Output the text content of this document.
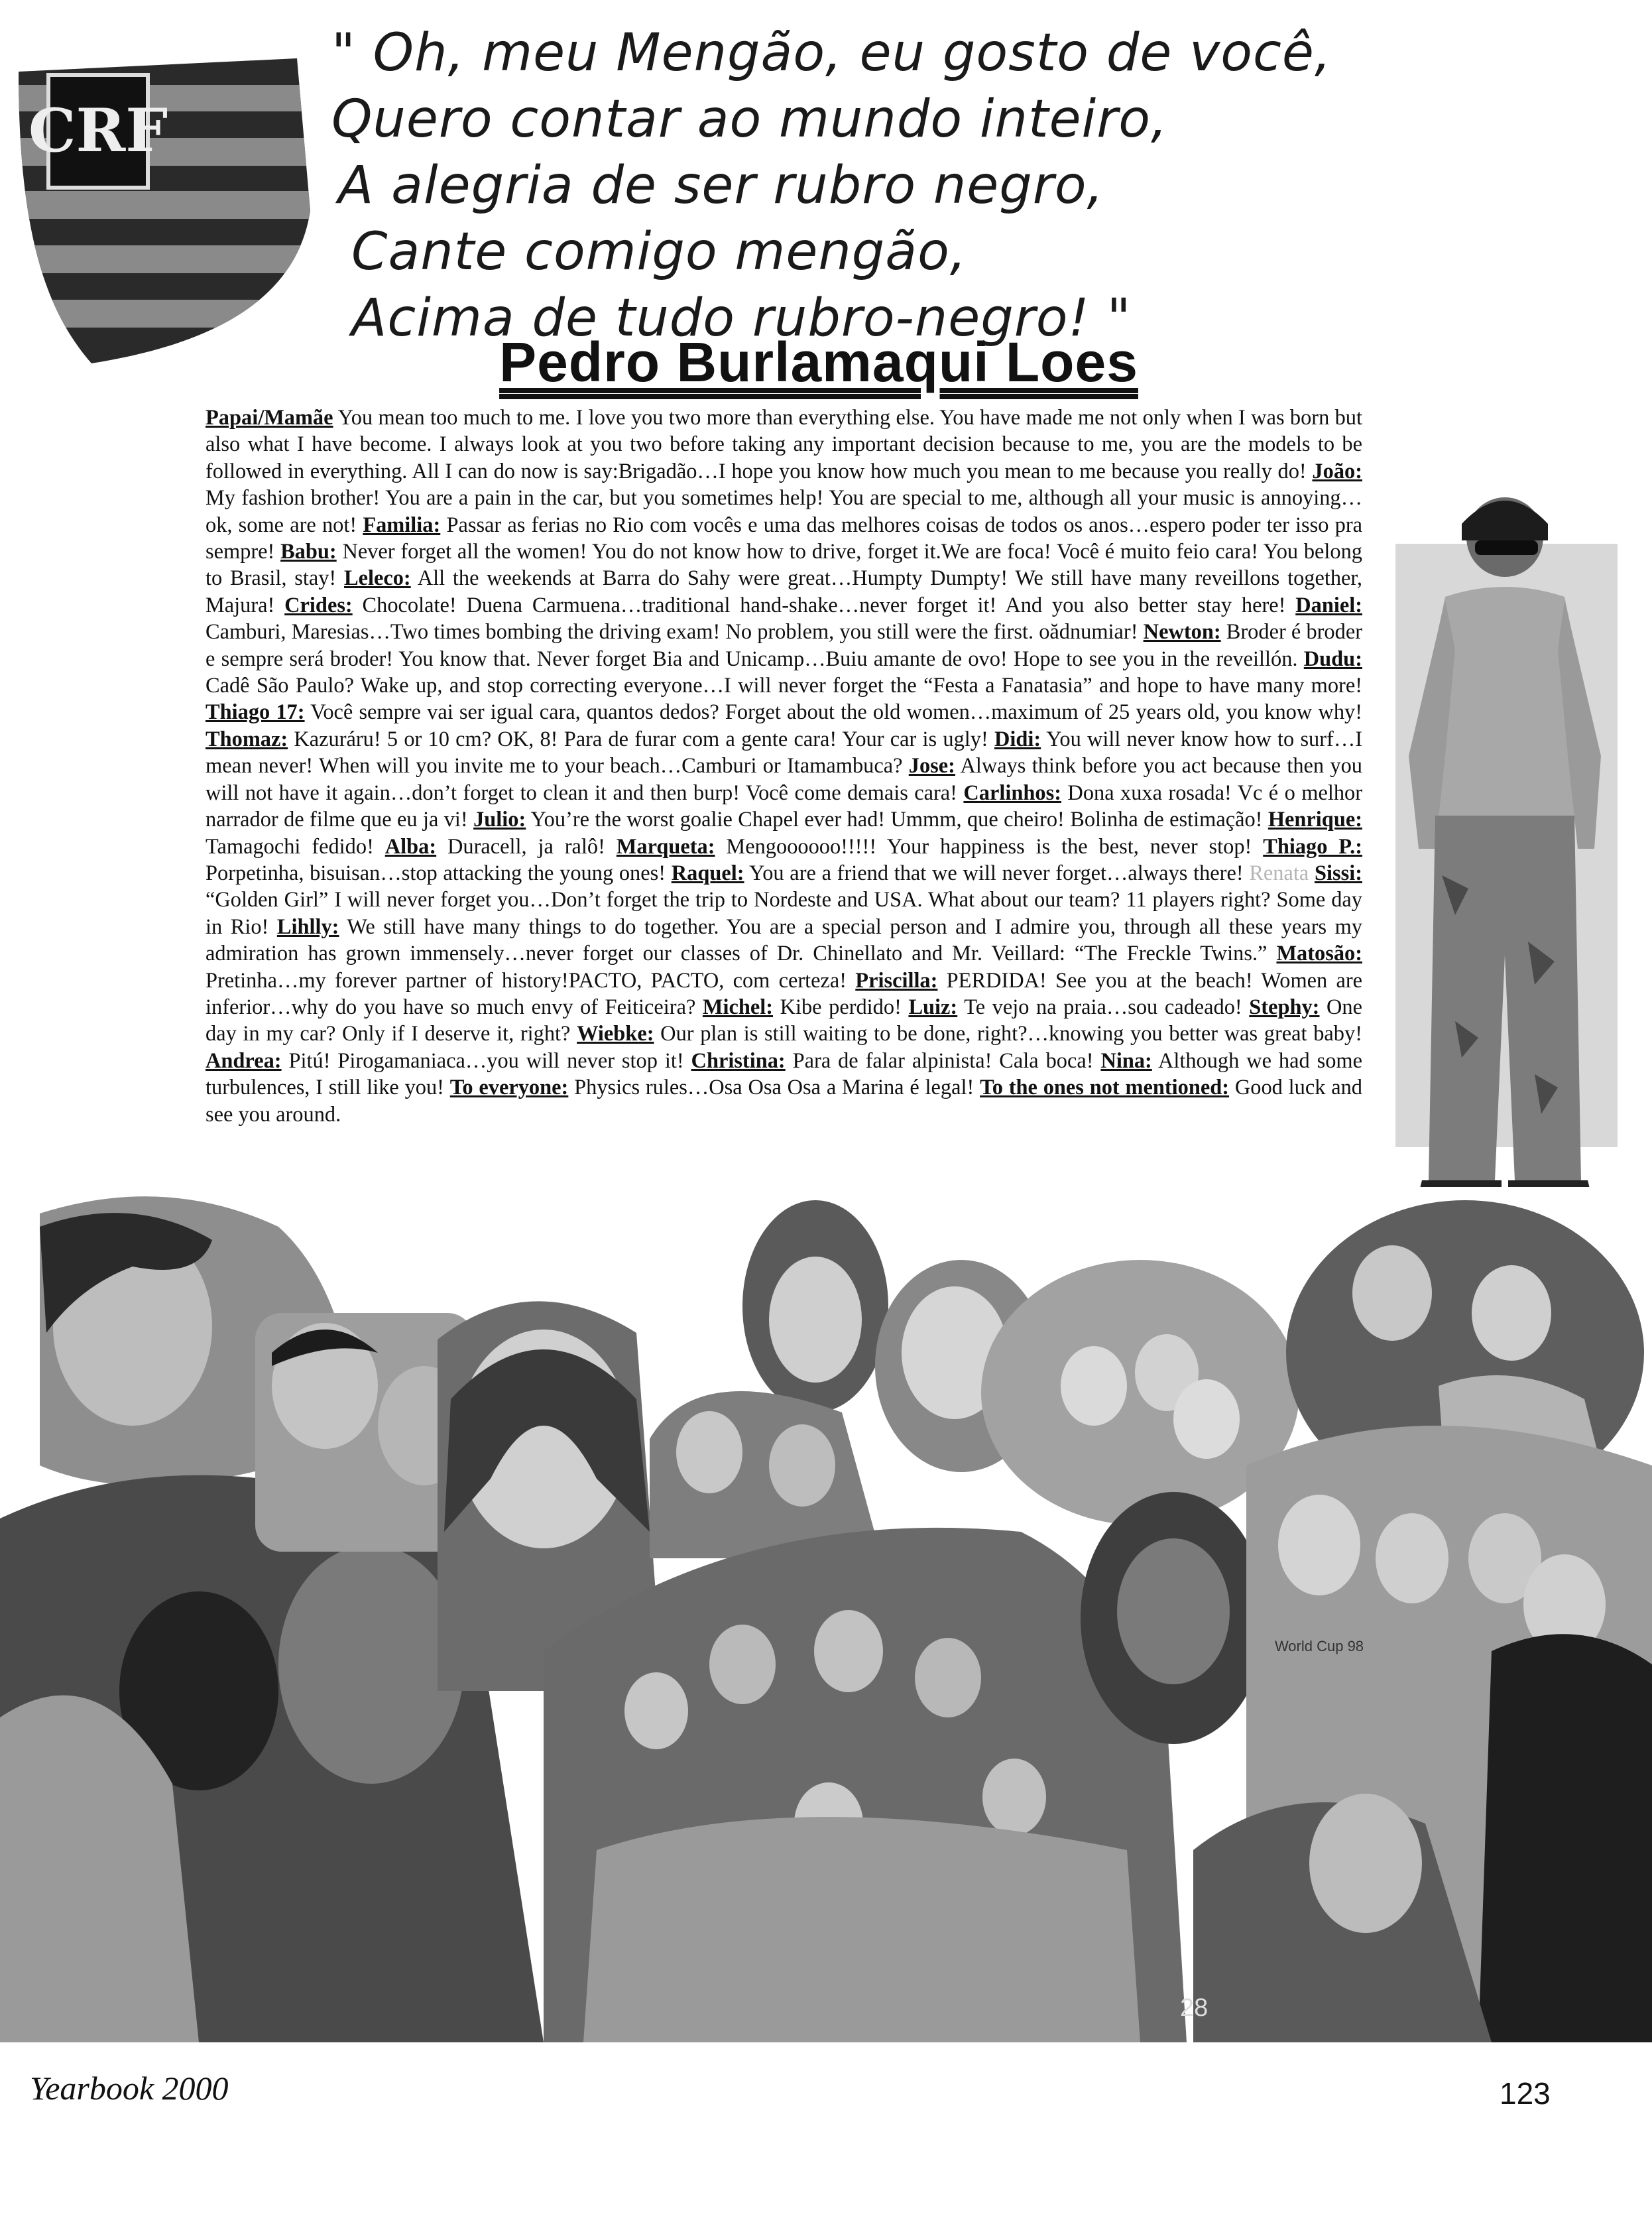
CRF
" Oh, meu Mengão, eu gosto de você,
Quero contar ao mundo inteiro,
A alegria de ser rubro negro,
Cante comigo mengão,
Acima de tudo rubro-negro! "
Pedro Burlamaqui Loes
Papai/Mamãe You mean too much to me. I love you two more than everything else. You have made me not only when I was born but also what I have become. I always look at you two before taking any important decision because to me, you are the models to be followed in everything. All I can do now is say:Brigadão…I hope you know how much you mean to me because you really do! João: My fashion brother! You are a pain in the car, but you sometimes help! You are special to me, although all your music is annoying…ok, some are not! Familia: Passar as ferias no Rio com vocês e uma das melhores coisas de todos os anos…espero poder ter isso pra sempre! Babu: Never forget all the women! You do not know how to drive, forget it.We are foca! Você é muito feio cara! You belong to Brasil, stay! Leleco: All the weekends at Barra do Sahy were great…Humpty Dumpty! We still have many reveillons together, Majura! Crides: Chocolate! Duena Carmuena…traditional hand-shake…never forget it! And you also better stay here! Daniel: Camburi, Maresias…Two times bombing the driving exam! No problem, you still were the first. oădnumiar! Newton: Broder é broder e sempre será broder! You know that. Never forget Bia and Unicamp…Buiu amante de ovo! Hope to see you in the reveillón. Dudu: Cadê São Paulo? Wake up, and stop correcting everyone…I will never forget the “Festa a Fanatasia” and hope to have many more! Thiago 17: Você sempre vai ser igual cara, quantos dedos? Forget about the old women…maximum of 25 years old, you know why! Thomaz: Kazuráru! 5 or 10 cm? OK, 8! Para de furar com a gente cara! Your car is ugly! Didi: You will never know how to surf…I mean never! When will you invite me to your beach…Camburi or Itamambuca? Jose: Always think before you act because then you will not have it again…don’t forget to clean it and then burp! Você come demais cara! Carlinhos: Dona xuxa rosada! Vc é o melhor narrador de filme que eu ja vi! Julio: You’re the worst goalie Chapel ever had! Ummm, que cheiro! Bolinha de estimação! Henrique: Tamagochi fedido! Alba: Duracell, ja ralô! Marqueta: Mengoooooo!!!!! Your happiness is the best, never stop! Thiago P.: Porpetinha, bisuisan…stop attacking the young ones! Raquel: You are a friend that we will never forget…always there! Renata Sissi: “Golden Girl” I will never forget you…Don’t forget the trip to Nordeste and USA. What about our team? 11 players right? Some day in Rio! Lihlly: We still have many things to do together. You are a special person and I admire you, through all these years my admiration has grown immensely…never forget our classes of Dr. Chinellato and Mr. Veillard: “The Freckle Twins.” Matosão: Pretinha…my forever partner of history!PACTO, PACTO, com certeza! Priscilla: PERDIDA! See you at the beach! Women are inferior…why do you have so much envy of Feiticeira? Michel: Kibe perdido! Luiz: Te vejo na praia…sou cadeado! Stephy: One day in my car? Only if I deserve it, right? Wiebke: Our plan is still waiting to be done, right?…knowing you better was great baby! Andrea: Pitú! Pirogamaniaca…you will never stop it! Christina: Para de falar alpinista! Cala boca! Nina: Although we had some turbulences, I still like you! To everyone: Physics rules…Osa Osa Osa a Marina é legal! To the ones not mentioned: Good luck and see you around.
World Cup 98
28
Yearbook 2000	123
